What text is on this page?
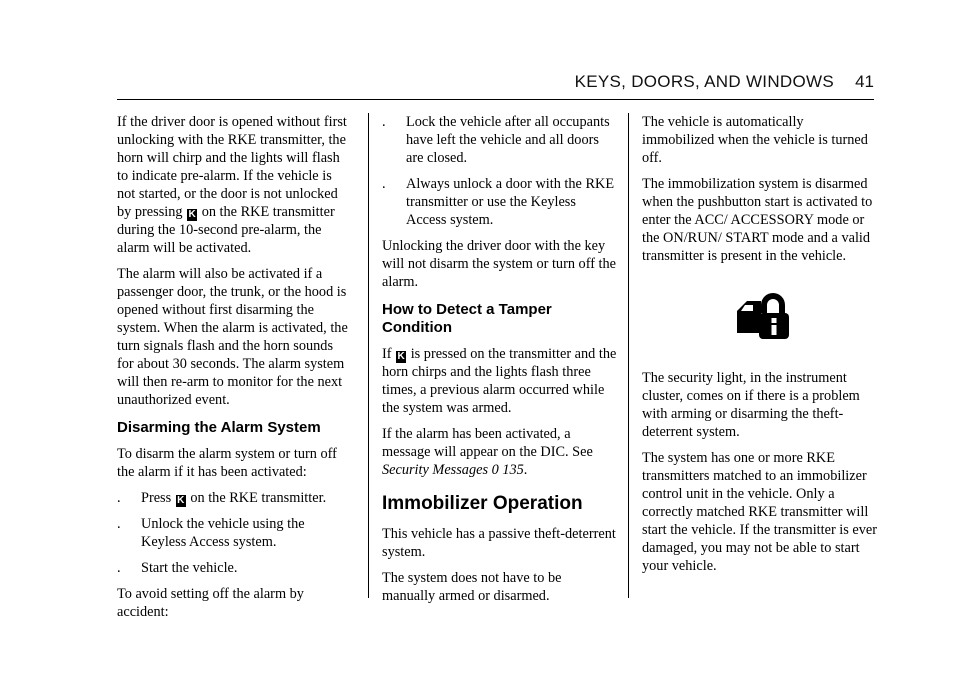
KEYS, DOORS, AND WINDOWS 41

If the driver door is opened without first unlocking with the RKE transmitter, the horn will chirp and the lights will flash to indicate pre-alarm. If the vehicle is not started, or the door is not unlocked by pressing K on the RKE transmitter during the 10-second pre-alarm, the alarm will be activated.

The alarm will also be activated if a passenger door, the trunk, or the hood is opened without first disarming the system. When the alarm is activated, the turn signals flash and the horn sounds for about 30 seconds. The alarm system will then re-arm to monitor for the next unauthorized event.

Disarming the Alarm System

To disarm the alarm system or turn off the alarm if it has been activated:

. Press K on the RKE transmitter.
. Unlock the vehicle using the Keyless Access system.
. Start the vehicle.

To avoid setting off the alarm by accident:

. Lock the vehicle after all occupants have left the vehicle and all doors are closed.
. Always unlock a door with the RKE transmitter or use the Keyless Access system.

Unlocking the driver door with the key will not disarm the system or turn off the alarm.

How to Detect a Tamper Condition

If K is pressed on the transmitter and the horn chirps and the lights flash three times, a previous alarm occurred while the system was armed.

If the alarm has been activated, a message will appear on the DIC. See Security Messages 0 135.

Immobilizer Operation

This vehicle has a passive theft-deterrent system.

The system does not have to be manually armed or disarmed.

The vehicle is automatically immobilized when the vehicle is turned off.

The immobilization system is disarmed when the pushbutton start is activated to enter the ACC/ ACCESSORY mode or the ON/RUN/ START mode and a valid transmitter is present in the vehicle.

The security light, in the instrument cluster, comes on if there is a problem with arming or disarming the theft-deterrent system.

The system has one or more RKE transmitters matched to an immobilizer control unit in the vehicle. Only a correctly matched RKE transmitter will start the vehicle. If the transmitter is ever damaged, you may not be able to start your vehicle.
